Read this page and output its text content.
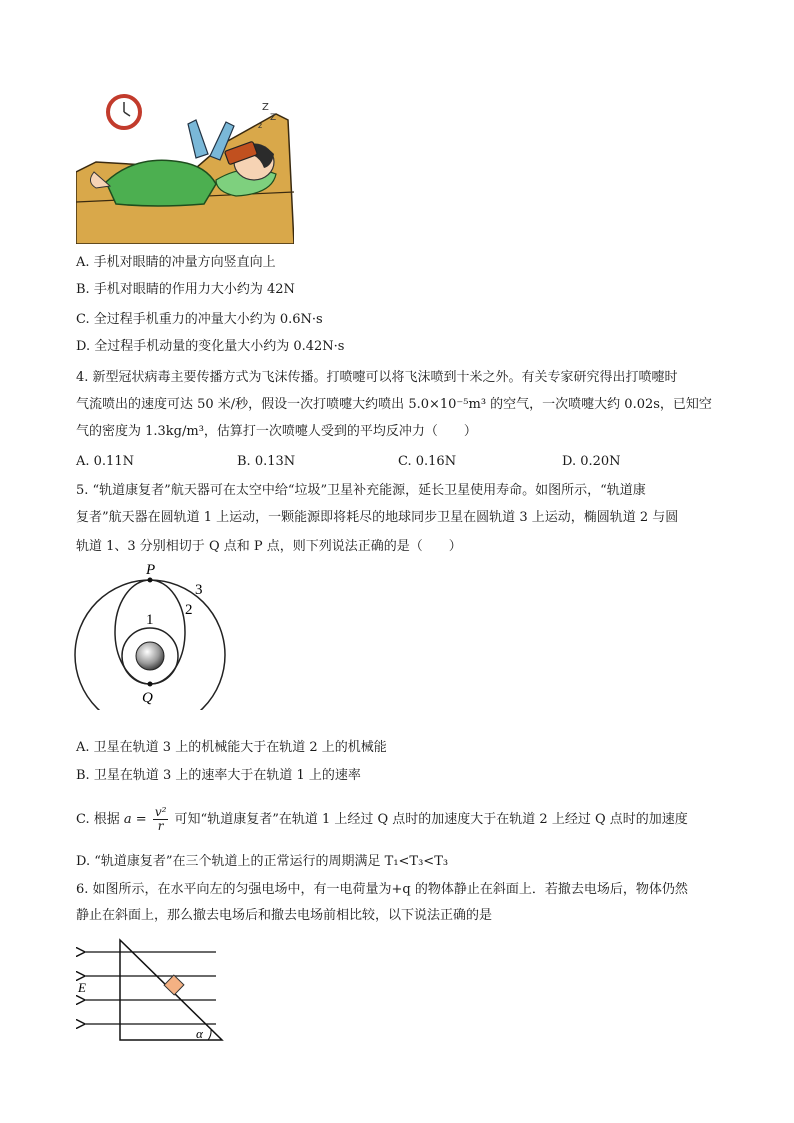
Z
Z
z
A. 手机对眼睛的冲量方向竖直向上
B. 手机对眼睛的作用力大小约为 42N
C. 全过程手机重力的冲量大小约为 0.6N·s
D. 全过程手机动量的变化量大小约为 0.42N·s
4. 新型冠状病毒主要传播方式为飞沫传播。打喷嚏可以将飞沫喷到十米之外。有关专家研究得出打喷嚏时
气流喷出的速度可达 50 米/秒，假设一次打喷嚏大约喷出 5.0×10⁻⁵m³ 的空气，一次喷嚏大约 0.02s，已知空
气的密度为 1.3kg/m³，估算打一次喷嚏人受到的平均反冲力（　　）
A. 0.11N	B. 0.13N	C. 0.16N	D. 0.20N
5. “轨道康复者”航天器可在太空中给“垃圾”卫星补充能源，延长卫星使用寿命。如图所示，“轨道康
复者”航天器在圆轨道 1 上运动，一颗能源即将耗尽的地球同步卫星在圆轨道 3 上运动，椭圆轨道 2 与圆
轨道 1、3 分别相切于 Q 点和 P 点，则下列说法正确的是（　　）
P
Q
1
2
3
A. 卫星在轨道 3 上的机械能大于在轨道 2 上的机械能
B. 卫星在轨道 3 上的速率大于在轨道 1 上的速率
C. 根据 $a = \frac{\text{v²}}{r}$ 可知“轨道康复者”在轨道 1 上经过 Q 点时的加速度大于在轨道 2 上经过 Q 点时的加速度
D. “轨道康复者”在三个轨道上的正常运行的周期满足 T₁<T₃<T₃
6. 如图所示，在水平向左的匀强电场中，有一电荷量为+q 的物体静止在斜面上．若撤去电场后，物体仍然
静止在斜面上，那么撤去电场后和撤去电场前相比较，以下说法正确的是
E
α
